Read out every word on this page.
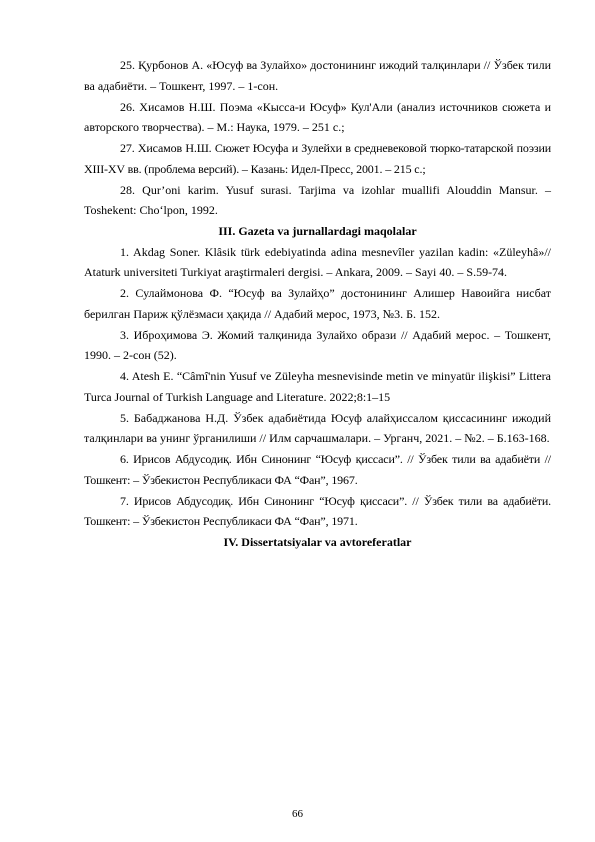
25. Қурбонов А. «Юсуф ва Зулайхо» достонининг ижодий талқинлари // Ўзбек тили ва адабиёти. – Тошкент, 1997. – 1-сон.

26. Хисамов Н.Ш. Поэма «Кысса-и Юсуф» Кул'Али (анализ источников сюжета и авторского творчества). – М.: Наука, 1979. – 251 с.;

27. Хисамов Н.Ш. Сюжет Юсуфа и Зулейхи в средневековой тюрко-татарской поэзии XIII-XV вв. (проблема версий). – Казань: Идел-Пресс, 2001. – 215 с.;

28. Qur’oni karim. Yusuf surasi. Tarjima va izohlar muallifi Alouddin Mansur. – Toshekent: Cho‘lpon, 1992.

III. Gazeta va jurnallardagi maqolalar

1. Akdag Soner. Klâsik türk edebiyatinda adina mesnevîler yazilan kadin: «Züleyhâ»// Ataturk universiteti Turkiyat araştirmaleri dergisi. – Ankara, 2009. – Sayi 40. – S.59-74.

2. Сулаймонова Ф. “Юсуф ва Зулайҳо” достонининг Алишер Навоийга нисбат берилган Париж қўлёзмаси ҳақида // Адабий мерос, 1973, №3. Б. 152.

3. Иброҳимова Э. Жомий талқинида Зулайхо образи // Адабий мерос. – Тошкент, 1990. – 2-сон (52).

4. Atesh E. “Câmî'nin Yusuf ve Züleyha mesnevisinde metin ve minyatür ilişkisi” Littera Turca Journal of Turkish Language and Literature. 2022;8:1–15

5. Бабаджанова Н.Д. Ўзбек адабиётида Юсуф алайҳиссалом қиссасининг ижодий талқинлари ва унинг ўрганилиши // Илм сарчашмалари. – Урганч, 2021. – №2. – Б.163-168.

6. Ирисов Абдусодиқ. Ибн Синонинг “Юсуф қиссаси”. // Ўзбек тили ва адабиёти // Тошкент: – Ўзбекистон Республикаси ФА “Фан”, 1967.

7. Ирисов Абдусодиқ. Ибн Синонинг “Юсуф қиссаси”. // Ўзбек тили ва адабиёти. Тошкент: – Ўзбекистон Республикаси ФА “Фан”, 1971.

IV. Dissertatsiyalar va avtoreferatlar

66
